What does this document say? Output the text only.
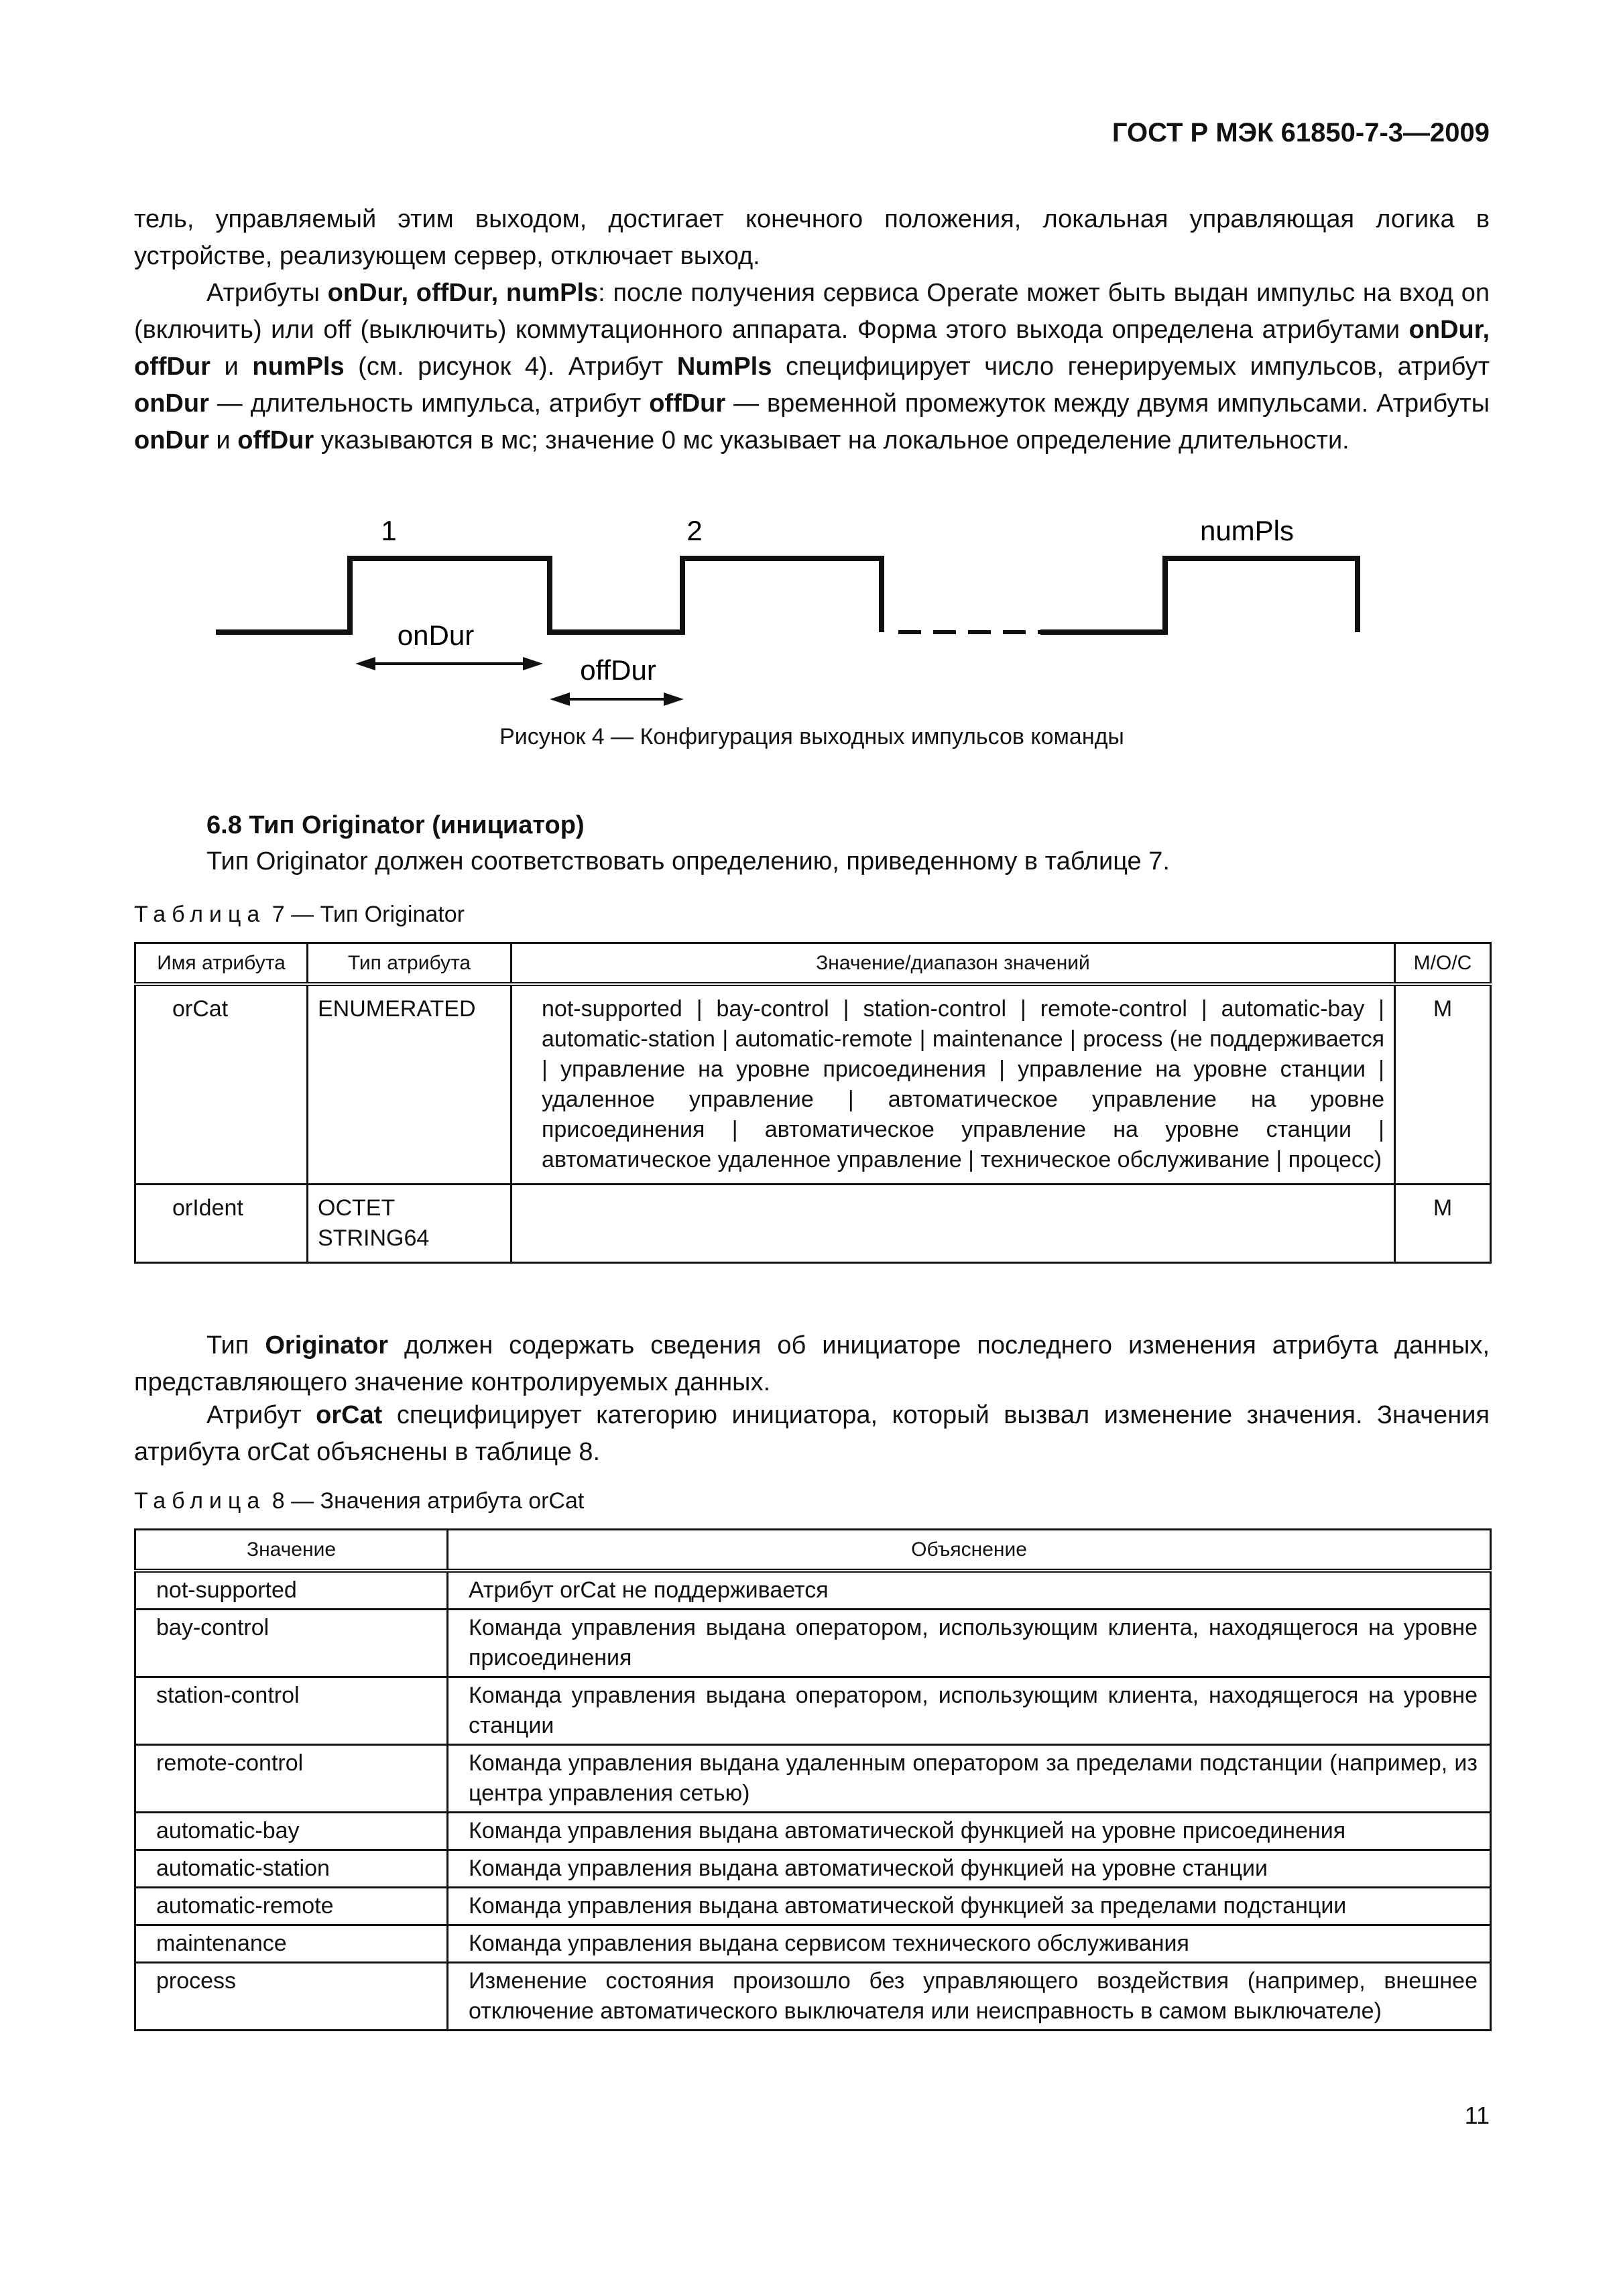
ГОСТ Р МЭК 61850-7-3—2009

тель, управляемый этим выходом, достигает конечного положения, локальная управляющая логика в устройстве, реализующем сервер, отключает выход.

Атрибуты onDur, offDur, numPls: после получения сервиса Operate может быть выдан импульс на вход on (включить) или off (выключить) коммутационного аппарата. Форма этого выхода определена атрибутами onDur, offDur и numPls (см. рисунок 4). Атрибут NumPls специфицирует число генерируемых импульсов, атрибут onDur — длительность импульса, атрибут offDur — временной промежуток между двумя импульсами. Атрибуты onDur и offDur указываются в мс; значение 0 мс указывает на локальное определение длительности.

1	2	numPls
onDur
offDur
Рисунок 4 — Конфигурация выходных импульсов команды
6.8 Тип Originator (инициатор)

Тип Originator должен соответствовать определению, приведенному в таблице 7.

Таблица 7 — Тип Originator
Имя атрибута	Тип атрибута	Значение/диапазон значений	M/O/C
orCat	ENUMERATED	not-supported | bay-control | station-control | remote-control | automatic-bay | automatic-station | automatic-remote | maintenance | process (не поддерживается | управление на уровне присоединения | управление на уровне станции | удаленное управление | автоматическое управление на уровне присоединения | автоматическое управление на уровне станции | автоматическое удаленное управление | техническое обслуживание | процесс)	M
orIdent	OCTET STRING64		M

Тип Originator должен содержать сведения об инициаторе последнего изменения атрибута данных, представляющего значение контролируемых данных.

Атрибут orCat специфицирует категорию инициатора, который вызвал изменение значения. Значения атрибута orCat объяснены в таблице 8.

Таблица 8 — Значения атрибута orCat
Значение	Объяснение
not-supported	Атрибут orCat не поддерживается
bay-control	Команда управления выдана оператором, использующим клиента, находящегося на уровне присоединения
station-control	Команда управления выдана оператором, использующим клиента, находящегося на уровне станции
remote-control	Команда управления выдана удаленным оператором за пределами подстанции (например, из центра управления сетью)
automatic-bay	Команда управления выдана автоматической функцией на уровне присоединения
automatic-station	Команда управления выдана автоматической функцией на уровне станции
automatic-remote	Команда управления выдана автоматической функцией за пределами подстанции
maintenance	Команда управления выдана сервисом технического обслуживания
process	Изменение состояния произошло без управляющего воздействия (например, внешнее отключение автоматического выключателя или неисправность в самом выключателе)
11
